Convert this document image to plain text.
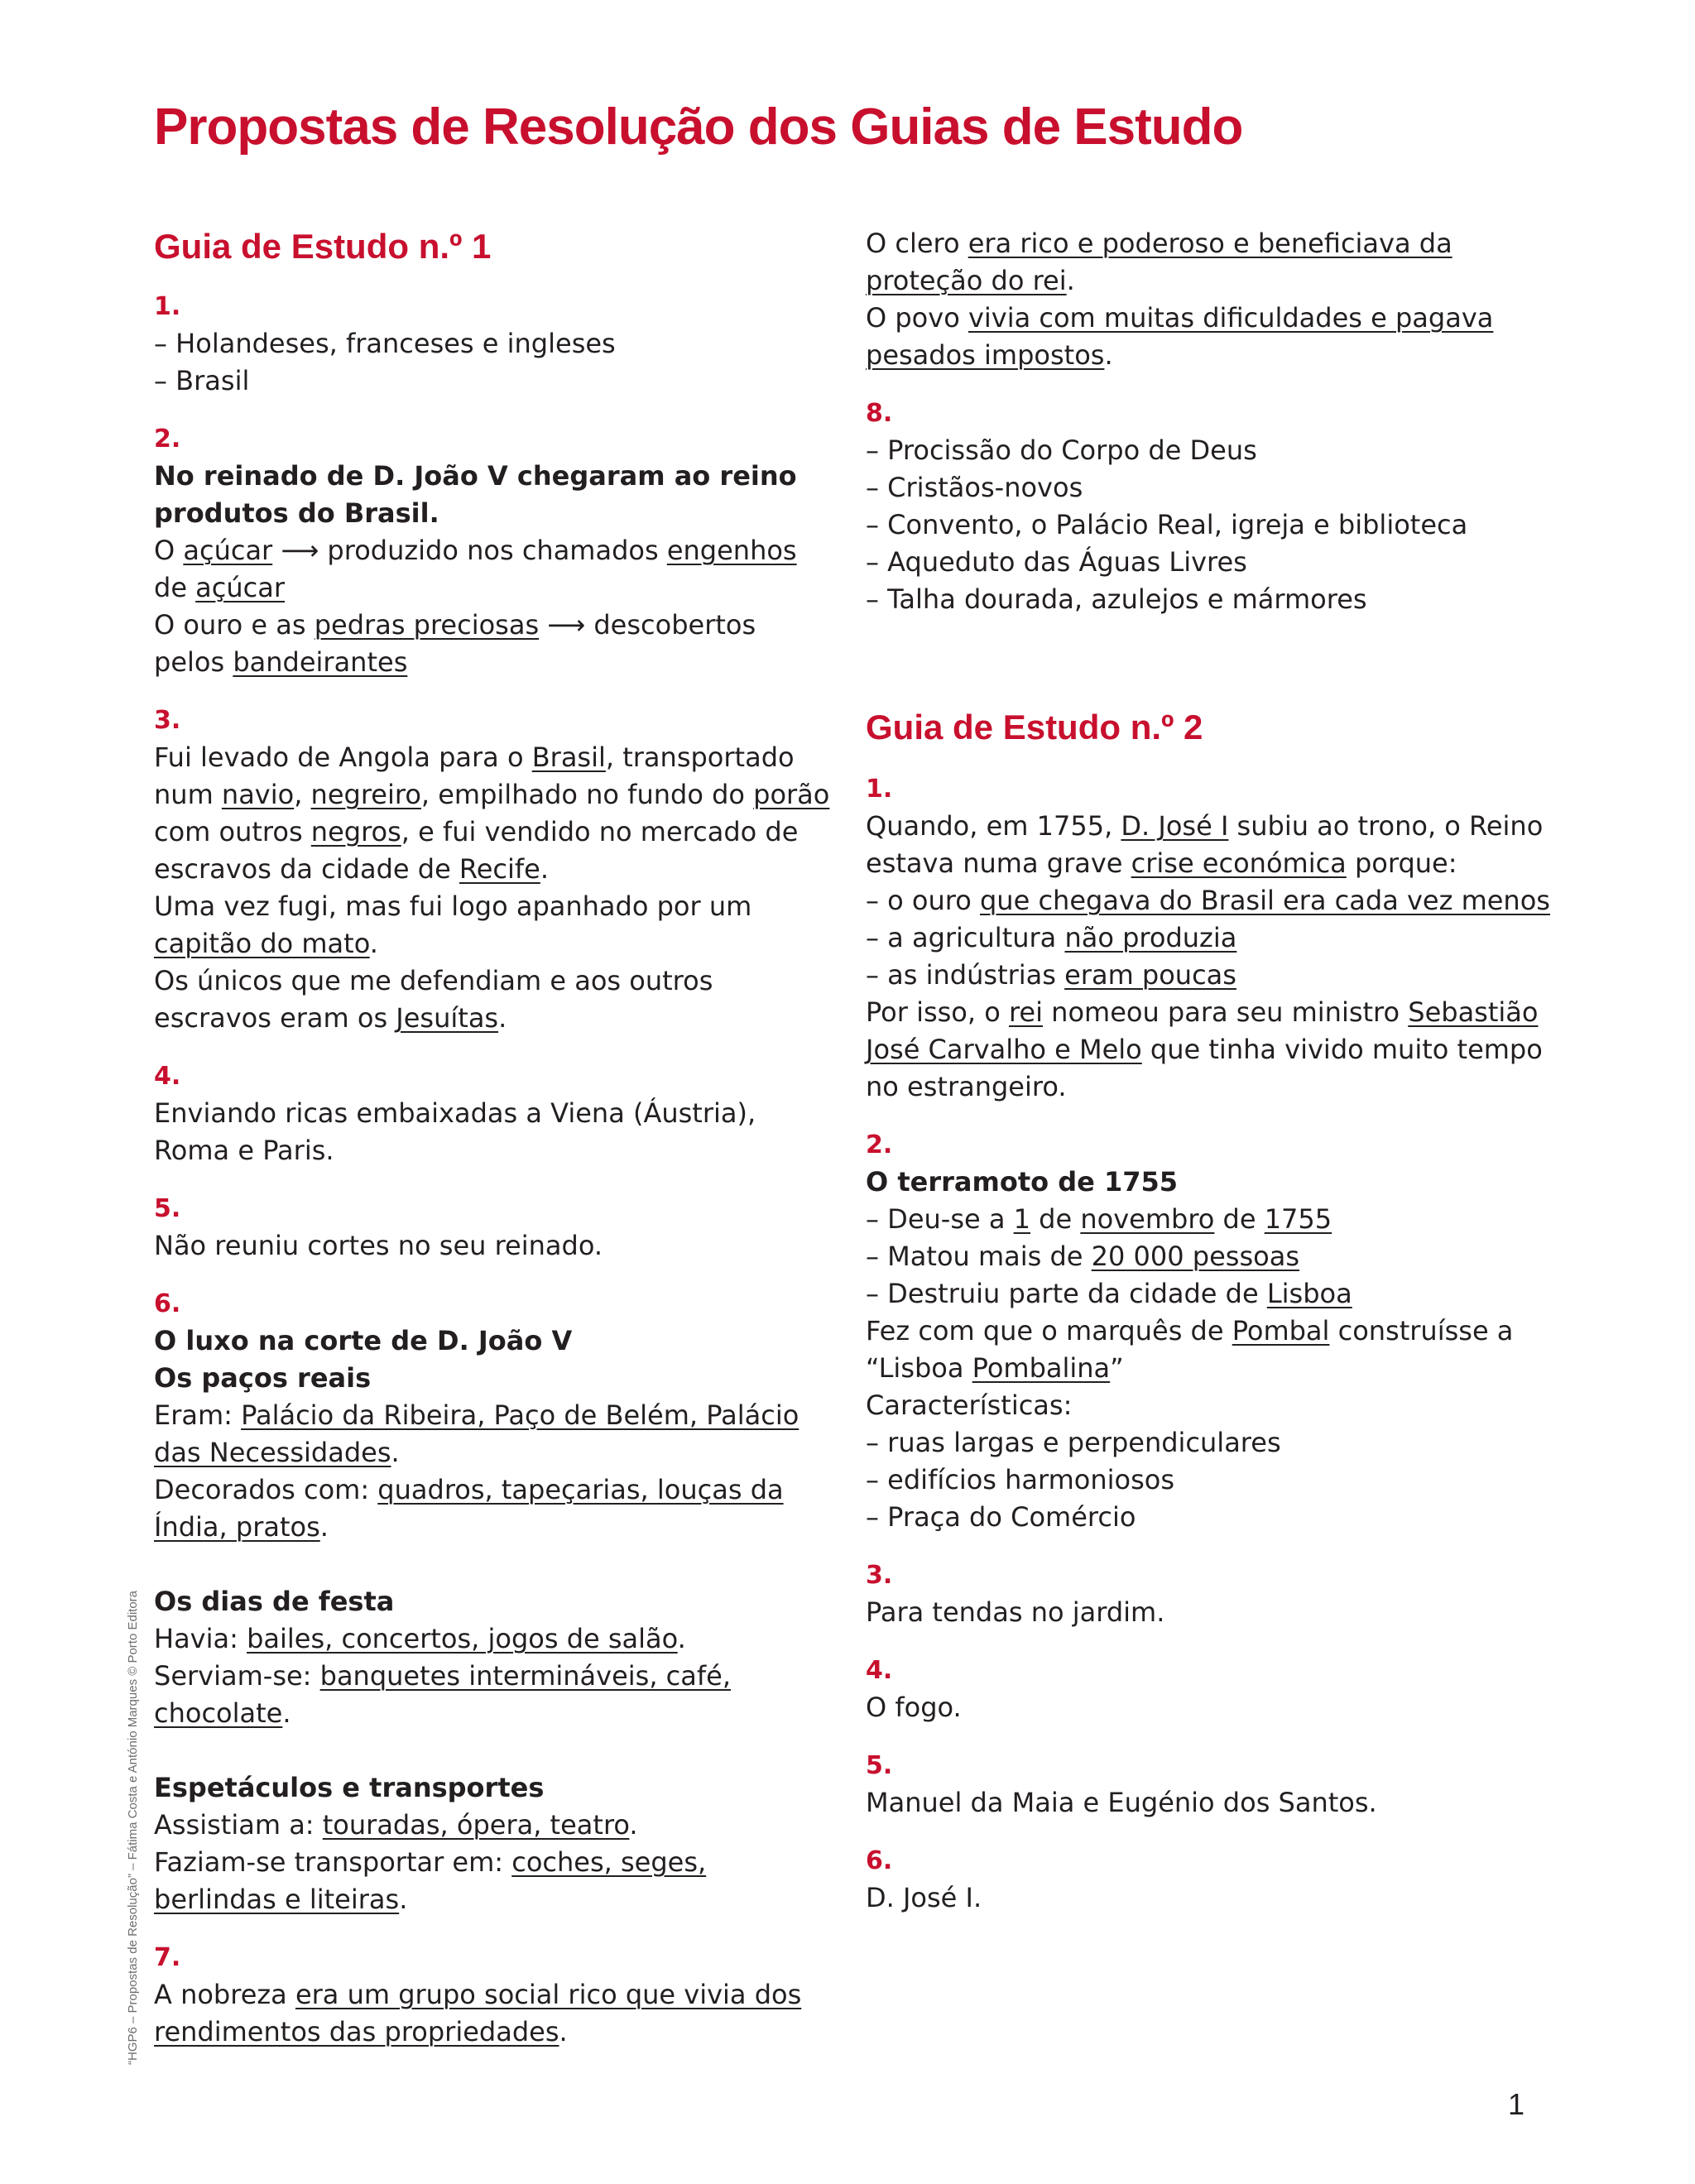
Propostas de Resolução dos Guias de Estudo
Guia de Estudo n.º 1
1.
– Holandeses, franceses e ingleses
– Brasil
2.
No reinado de D. João V chegaram ao reino produtos do Brasil.
O açúcar ⟶ produzido nos chamados engenhos de açúcar
O ouro e as pedras preciosas ⟶ descobertos pelos bandeirantes
3.
Fui levado de Angola para o Brasil, transportado num navio, negreiro, empilhado no fundo do porão com outros negros, e fui vendido no mercado de escravos da cidade de Recife.
Uma vez fugi, mas fui logo apanhado por um capitão do mato.
Os únicos que me defendiam e aos outros escravos eram os Jesuítas.
4.
Enviando ricas embaixadas a Viena (Áustria), Roma e Paris.
5.
Não reuniu cortes no seu reinado.
6.
O luxo na corte de D. João V
Os paços reais
Eram: Palácio da Ribeira, Paço de Belém, Palácio das Necessidades.
Decorados com: quadros, tapeçarias, louças da Índia, pratos.
Os dias de festa
Havia: bailes, concertos, jogos de salão.
Serviam-se: banquetes intermináveis, café, chocolate.
Espetáculos e transportes
Assistiam a: touradas, ópera, teatro.
Faziam-se transportar em: coches, seges, berlindas e liteiras.
7.
A nobreza era um grupo social rico que vivia dos rendimentos das propriedades.
O clero era rico e poderoso e beneficiava da proteção do rei.
O povo vivia com muitas dificuldades e pagava pesados impostos.
8.
– Procissão do Corpo de Deus
– Cristãos-novos
– Convento, o Palácio Real, igreja e biblioteca
– Aqueduto das Águas Livres
– Talha dourada, azulejos e mármores
Guia de Estudo n.º 2
1.
Quando, em 1755, D. José I subiu ao trono, o Reino estava numa grave crise económica porque:
– o ouro que chegava do Brasil era cada vez menos
– a agricultura não produzia
– as indústrias eram poucas
Por isso, o rei nomeou para seu ministro Sebastião José Carvalho e Melo que tinha vivido muito tempo no estrangeiro.
2.
O terramoto de 1755
– Deu-se a 1 de novembro de 1755
– Matou mais de 20 000 pessoas
– Destruiu parte da cidade de Lisboa
Fez com que o marquês de Pombal construísse a “Lisboa Pombalina”
Características:
– ruas largas e perpendiculares
– edifícios harmoniosos
– Praça do Comércio
3.
Para tendas no jardim.
4.
O fogo.
5.
Manuel da Maia e Eugénio dos Santos.
6.
D. José I.
“HGP6 – Propostas de Resolução” – Fátima Costa e António Marques © Porto Editora
1
